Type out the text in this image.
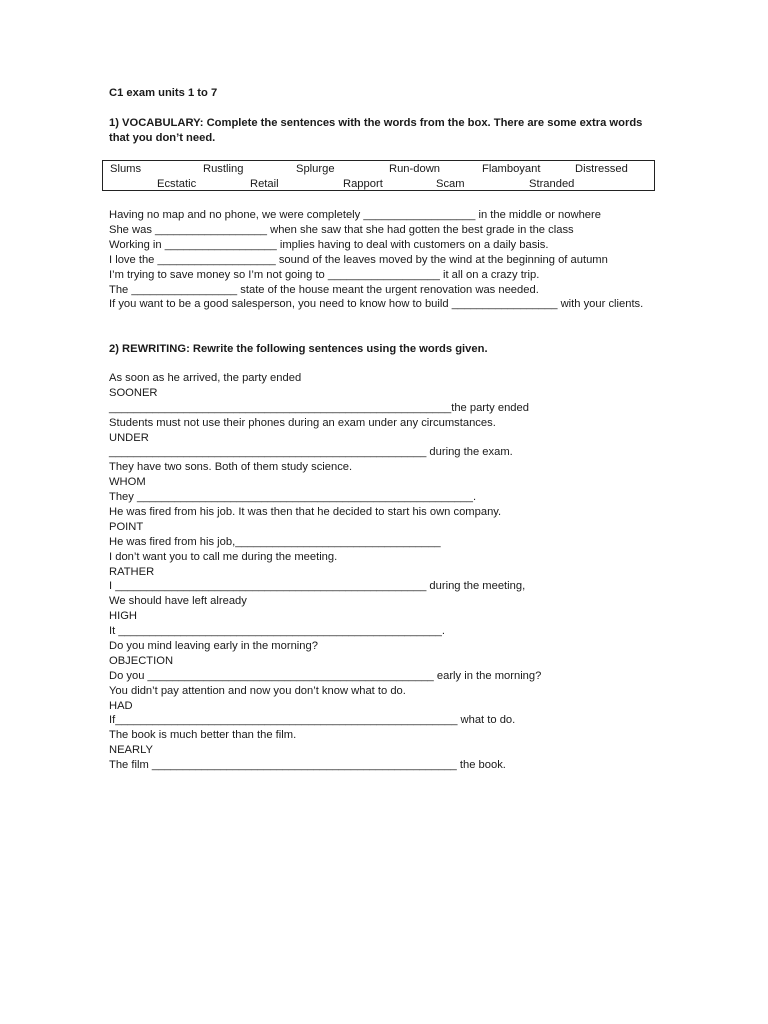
C1 exam units 1 to 7
1) VOCABULARY: Complete the sentences with the words from the box. There are some extra words that you don’t need.
Slums	Rustling	Splurge	Run-down	Flamboyant	Distressed
Ecstatic	Retail	Rapport	Scam	Stranded
Having no map and no phone, we were completely __________________ in the middle or nowhere
She was __________________ when she saw that she had gotten the best grade in the class
Working in __________________ implies having to deal with customers on a daily basis.
I love the ___________________ sound of the leaves moved by the wind at the beginning of autumn
I’m trying to save money so I’m not going to __________________ it all on a crazy trip.
The _________________ state of the house meant the urgent renovation was needed.
If you want to be a good salesperson, you need to know how to build _________________ with your clients.
2) REWRITING: Rewrite the following sentences using the words given.
As soon as he arrived, the party ended
SOONER
_______________________________________________________the party ended
Students must not use their phones during an exam under any circumstances.
UNDER
___________________________________________________ during the exam.
They have two sons. Both of them study science.
WHOM
They ______________________________________________________.
He was fired from his job. It was then that he decided to start his own company.
POINT
He was fired from his job,_________________________________
I don’t want you to call me during the meeting.
RATHER
I __________________________________________________ during the meeting,
We should have left already
HIGH
It ____________________________________________________.
Do you mind leaving early in the morning?
OBJECTION
Do you ______________________________________________ early in the morning?
You didn’t pay attention and now you don’t know what to do.
HAD
If_______________________________________________________ what to do.
The book is much better than the film.
NEARLY
The film _________________________________________________ the book.
